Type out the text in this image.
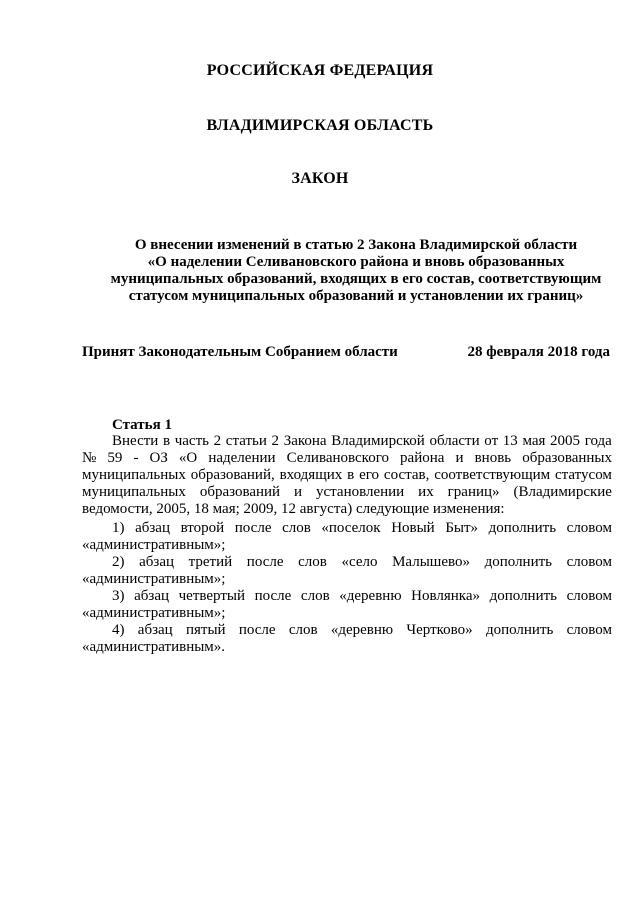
РОССИЙСКАЯ ФЕДЕРАЦИЯ
ВЛАДИМИРСКАЯ ОБЛАСТЬ
ЗАКОН
О внесении изменений в статью 2 Закона Владимирской области
«О наделении Селивановского района и вновь образованных
муниципальных образований, входящих в его состав, соответствующим
статусом муниципальных образований и установлении их границ»
Принят Законодательным Собранием области	28 февраля 2018 года
Статья 1
Внести в часть 2 статьи 2 Закона Владимирской области от 13 мая 2005 года
№ 59 - ОЗ «О наделении Селивановского района и вновь образованных
муниципальных образований, входящих в его состав, соответствующим статусом
муниципальных образований и установлении их границ» (Владимирские
ведомости, 2005, 18 мая; 2009, 12 августа) следующие изменения:
1) абзац второй после слов «поселок Новый Быт» дополнить словом
«административным»;
2) абзац третий после слов «село Малышево» дополнить словом
«административным»;
3) абзац четвертый после слов «деревню Новлянка» дополнить словом
«административным»;
4) абзац пятый после слов «деревню Чертково» дополнить словом
«административным».
